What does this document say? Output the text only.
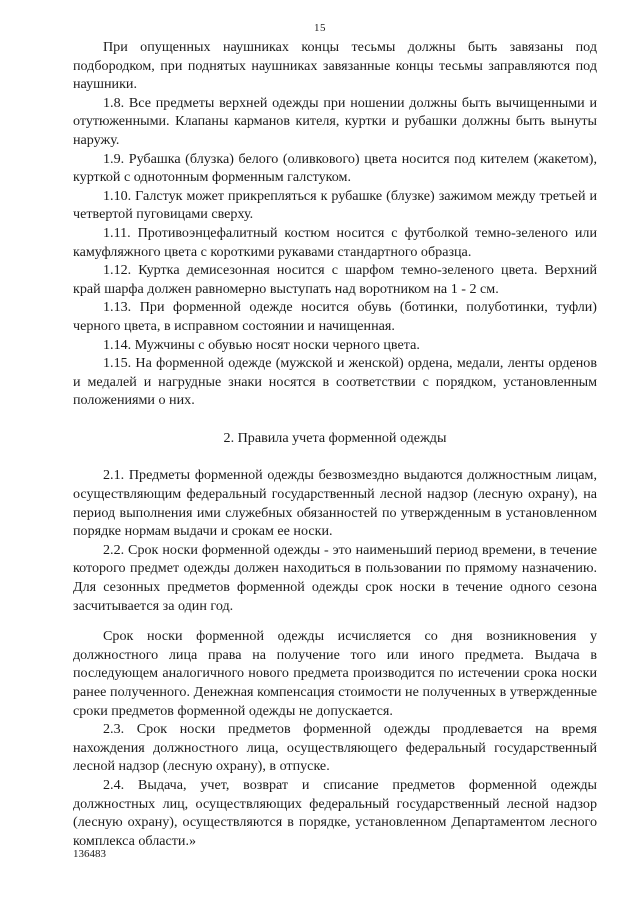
15

При опущенных наушниках концы тесьмы должны быть завязаны под подбородком, при поднятых наушниках завязанные концы тесьмы заправляются под наушники.

1.8. Все предметы верхней одежды при ношении должны быть вычищенными и отутюженными. Клапаны карманов кителя, куртки и рубашки должны быть вынуты наружу.

1.9. Рубашка (блузка) белого (оливкового) цвета носится под кителем (жакетом), курткой с однотонным форменным галстуком.

1.10. Галстук может прикрепляться к рубашке (блузке) зажимом между третьей и четвертой пуговицами сверху.

1.11. Противоэнцефалитный костюм носится с футболкой темно-зеленого или камуфляжного цвета с короткими рукавами стандартного образца.

1.12. Куртка демисезонная носится с шарфом темно-зеленого цвета. Верхний край шарфа должен равномерно выступать над воротником на 1 - 2 см.

1.13. При форменной одежде носится обувь (ботинки, полуботинки, туфли) черного цвета, в исправном состоянии и начищенная.

1.14. Мужчины с обувью носят носки черного цвета.

1.15. На форменной одежде (мужской и женской) ордена, медали, ленты орденов и медалей и нагрудные знаки носятся в соответствии с порядком, установленным положениями о них.

2. Правила учета форменной одежды

2.1. Предметы форменной одежды безвозмездно выдаются должностным лицам, осуществляющим федеральный государственный лесной надзор (лесную охрану), на период выполнения ими служебных обязанностей по утвержденным в установленном порядке нормам выдачи и срокам ее носки.

2.2. Срок носки форменной одежды - это наименьший период времени, в течение которого предмет одежды должен находиться в пользовании по прямому назначению. Для сезонных предметов форменной одежды срок носки в течение одного сезона засчитывается за один год.

Срок носки форменной одежды исчисляется со дня возникновения у должностного лица права на получение того или иного предмета. Выдача в последующем аналогичного нового предмета производится по истечении срока носки ранее полученного. Денежная компенсация стоимости не полученных в утвержденные сроки предметов форменной одежды не допускается.

2.3. Срок носки предметов форменной одежды продлевается на время нахождения должностного лица, осуществляющего федеральный государственный лесной надзор (лесную охрану), в отпуске.

2.4. Выдача, учет, возврат и списание предметов форменной одежды должностных лиц, осуществляющих федеральный государственный лесной надзор (лесную охрану), осуществляются в порядке, установленном Департаментом лесного комплекса области.»

136483
